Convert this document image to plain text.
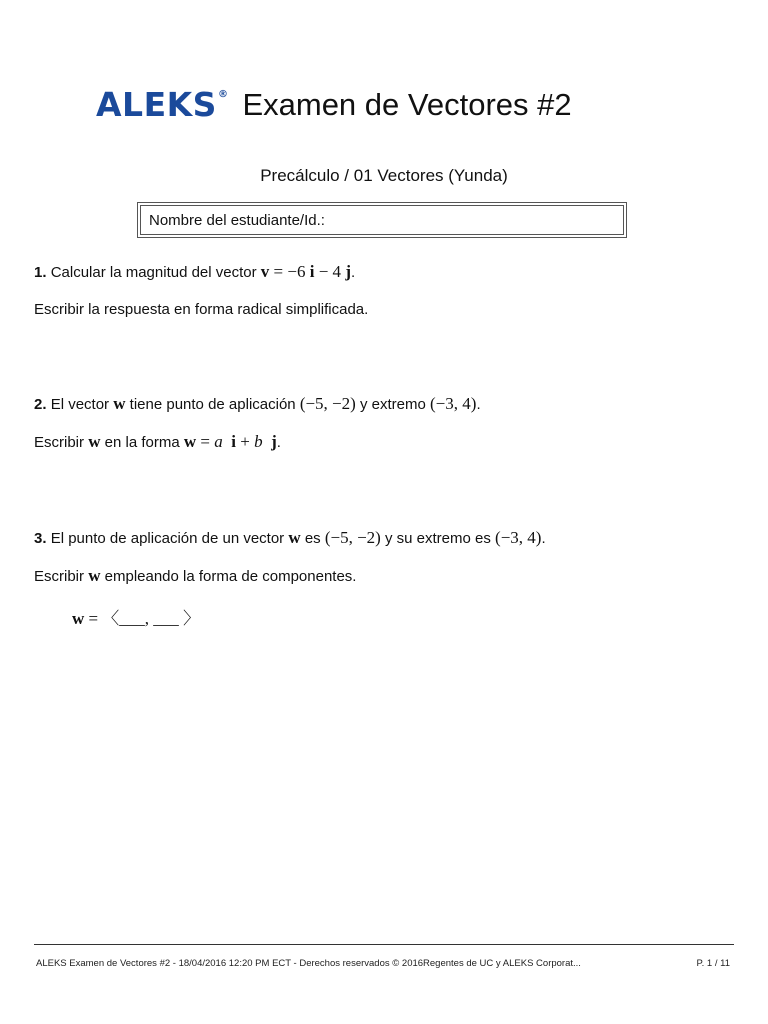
ALEKS® Examen de Vectores #2
Precálculo / 01 Vectores (Yunda)
Nombre del estudiante/Id.:
1. Calcular la magnitud del vector v = −6 i − 4 j.
Escribir la respuesta en forma radical simplificada.
2. El vector w tiene punto de aplicación (−5, −2) y extremo (−3, 4).
Escribir w en la forma w = a i + b j.
3. El punto de aplicación de un vector w es (−5, −2) y su extremo es (−3, 4).
Escribir w empleando la forma de componentes.
w = 〈___, ___ 〉
ALEKS Examen de Vectores #2 - 18/04/2016 12:20 PM ECT - Derechos reservados © 2016Regentes de UC y ALEKS Corporat...	P. 1 / 11
